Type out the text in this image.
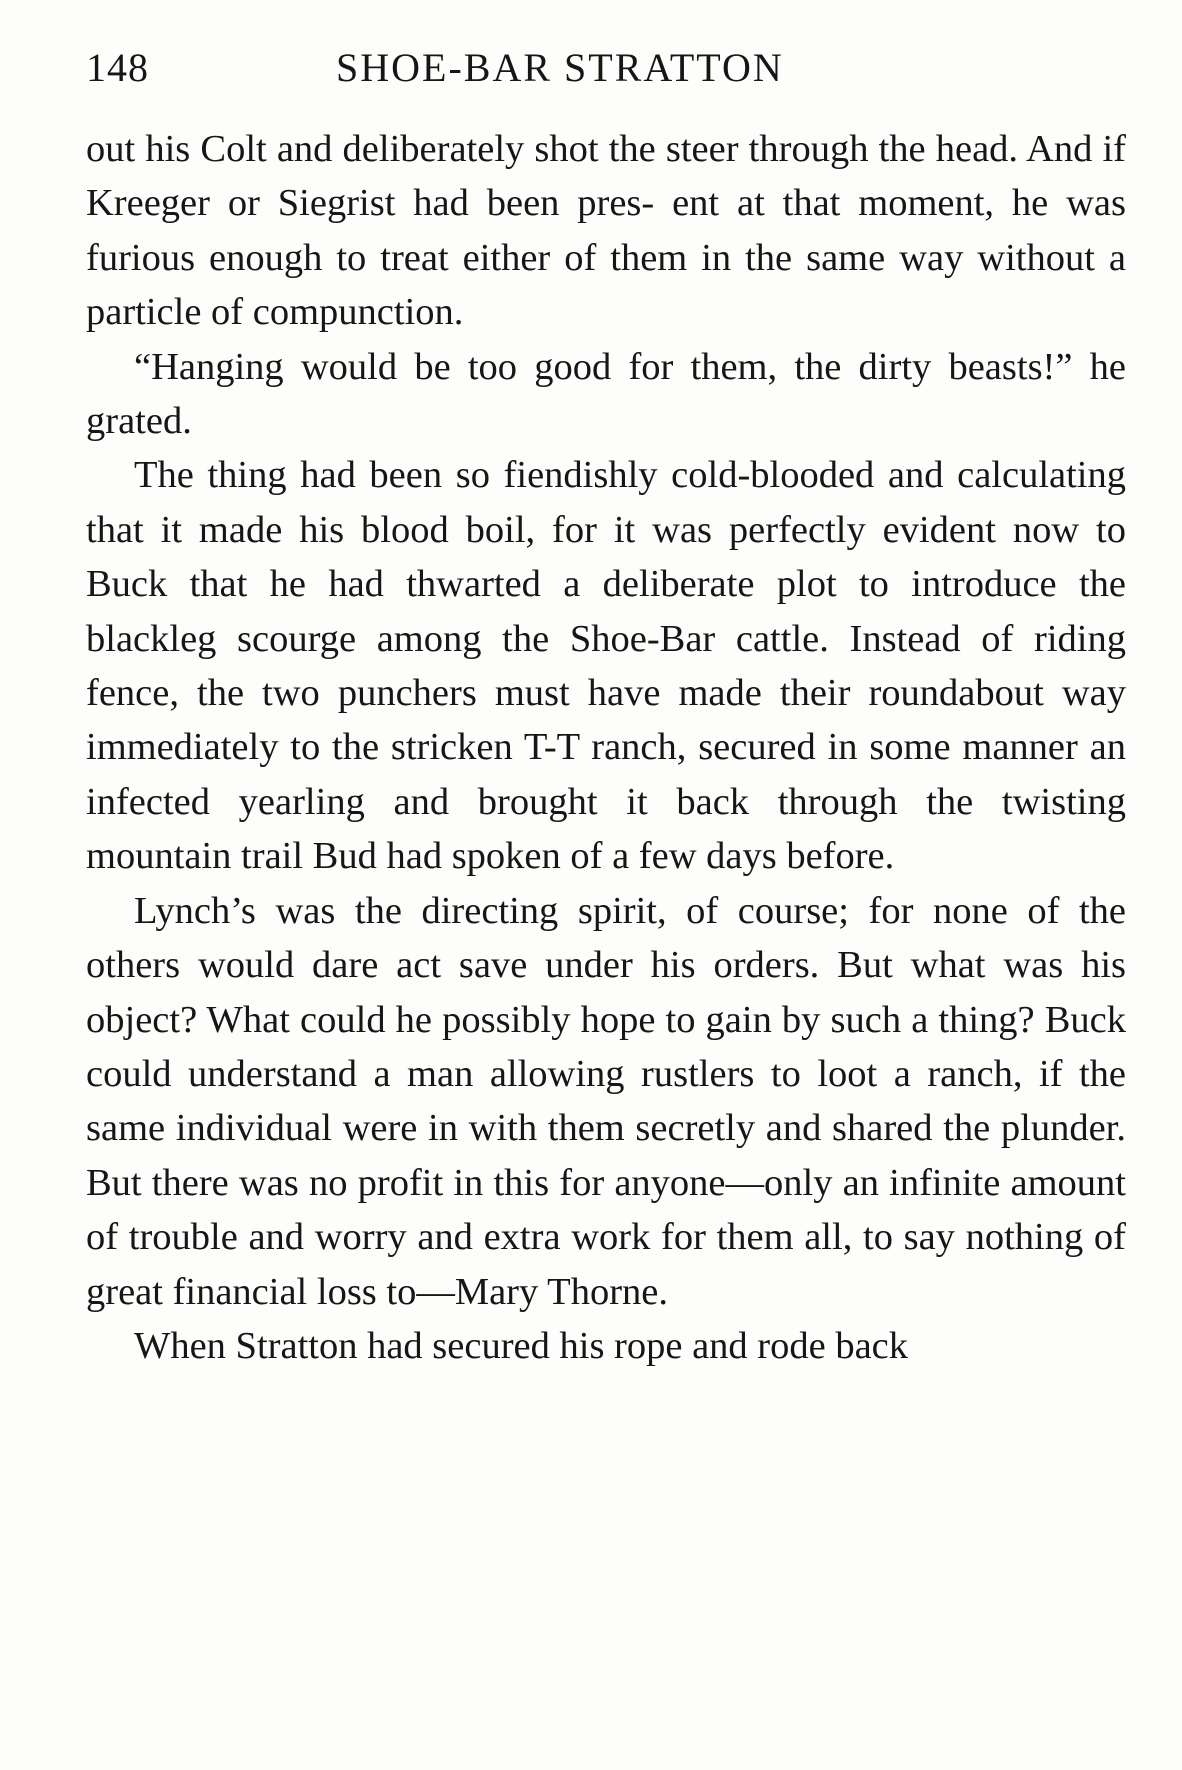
148	SHOE-BAR STRATTON

out his Colt and deliberately shot the steer through the head. And if Kreeger or Siegrist had been pres- ent at that moment, he was furious enough to treat either of them in the same way without a particle of compunction.

“Hanging would be too good for them, the dirty beasts!” he grated.

The thing had been so fiendishly cold-blooded and calculating that it made his blood boil, for it was perfectly evident now to Buck that he had thwarted a deliberate plot to introduce the blackleg scourge among the Shoe-Bar cattle. Instead of riding fence, the two punchers must have made their roundabout way immediately to the stricken T-T ranch, secured in some manner an infected yearling and brought it back through the twisting mountain trail Bud had spoken of a few days before.

Lynch’s was the directing spirit, of course; for none of the others would dare act save under his orders. But what was his object? What could he possibly hope to gain by such a thing? Buck could understand a man allowing rustlers to loot a ranch, if the same individual were in with them secretly and shared the plunder. But there was no profit in this for anyone—only an infinite amount of trouble and worry and extra work for them all, to say nothing of great financial loss to—Mary Thorne.

When Stratton had secured his rope and rode back
